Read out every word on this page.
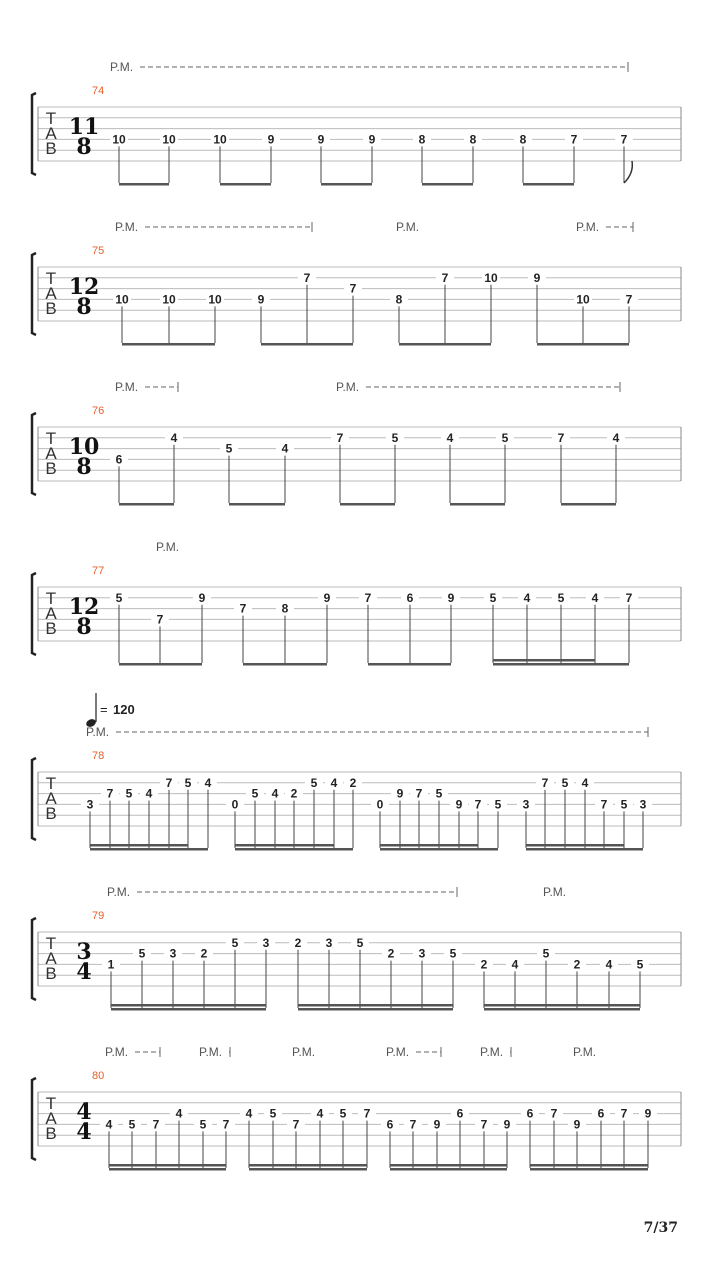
T
A
B
74
11
8
P.M.
10	10	10	9	9	9	8	8	8	7	7
T
A
B
75
12
8
P.M.	P.M.	P.M.
10	10	10	9
7
7
8
7	10	9
10	7
T
A
B
76
10
8
P.M.	P.M.
6
4
5	4
7	5	4	5	7	4
T
A
B
77
12
8
P.M.
5
7
9
7	8
9	7	6	9	5 4 5 4 7
T
A
B
78
P.M.
3
7 5 4
7 5 4
0
5 4 2
5 4 2
0
9 7 5
9 7 5 3
7 5 4
7 5 3
T
A
B
79
3
4
P.M.	P.M.
1
5 3 2
5 3 2 3 5
2 3 5
2 4
5
2 4 5
T
A
B
80
4
4
P.M.	P.M.	P.M.	P.M.	P.M.	P.M.
4 5 7
4
5 7
4 5
7
4 5 7
6 7 9
6
7 9
6 7
9
6 7 9
= 120
7/37
